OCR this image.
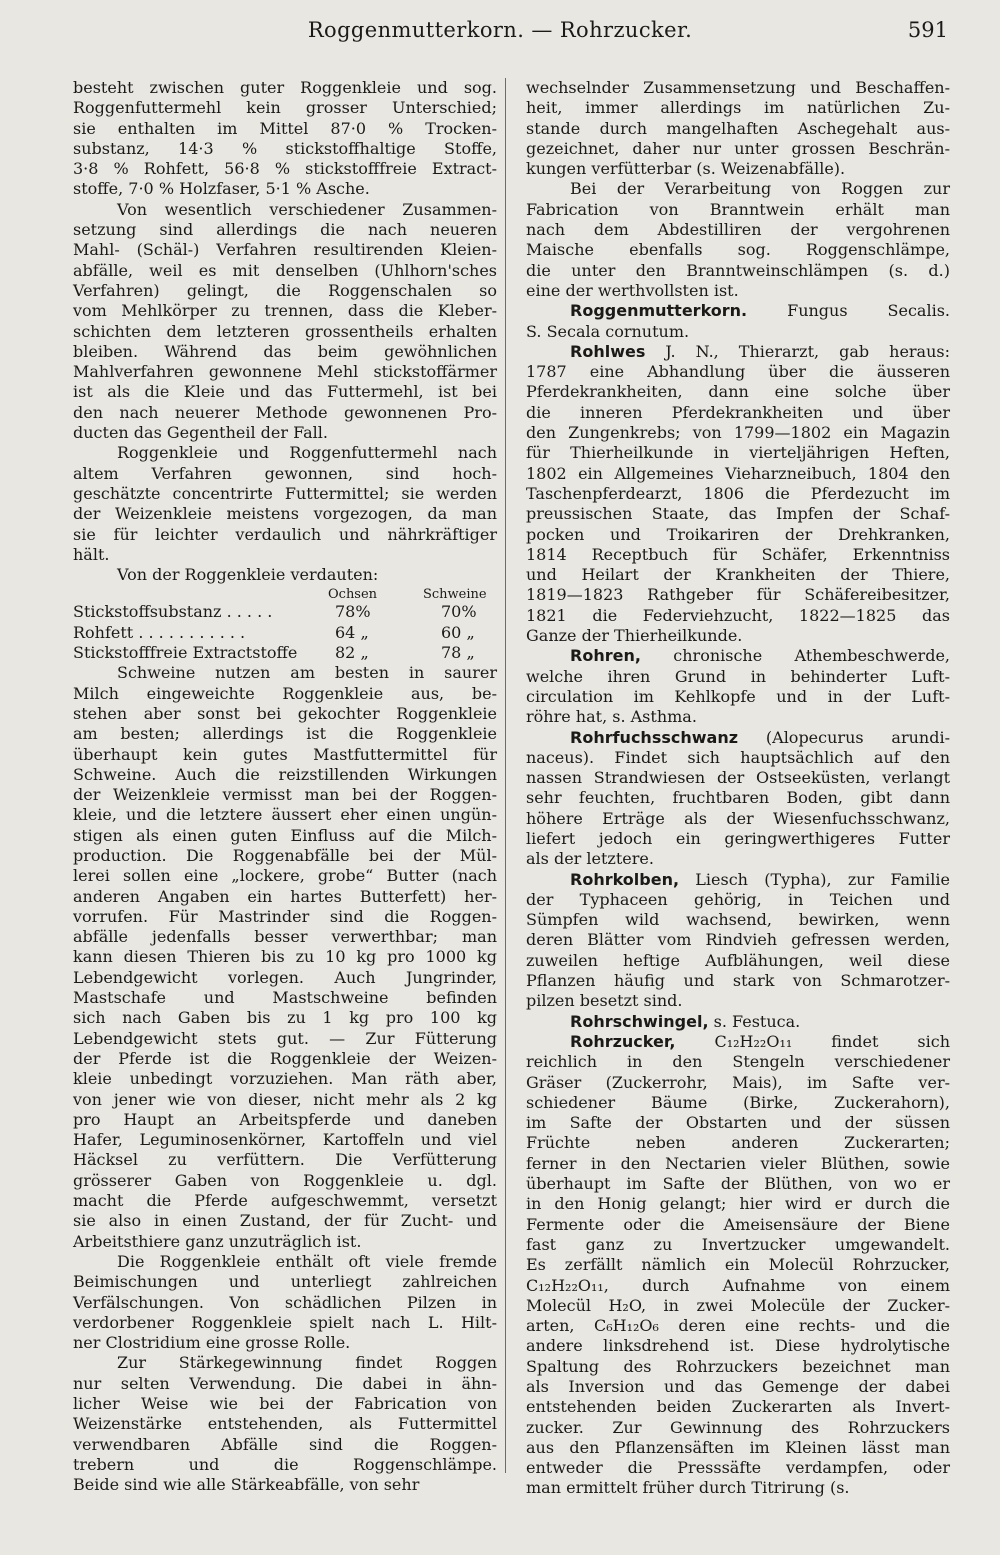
Roggenmutterkorn. — Rohrzucker.	591
besteht zwischen guter Roggenkleie und sog.
Roggenfuttermehl kein grosser Unterschied;
sie enthalten im Mittel 87·0 % Trocken-
substanz, 14·3 % stickstoffhaltige Stoffe,
3·8 % Rohfett, 56·8 % stickstofffreie Extract-
stoffe, 7·0 % Holzfaser, 5·1 % Asche.
Von wesentlich verschiedener Zusammen-
setzung sind allerdings die nach neueren
Mahl- (Schäl-) Verfahren resultirenden Kleien-
abfälle, weil es mit denselben (Uhlhorn'sches
Verfahren) gelingt, die Roggenschalen so
vom Mehlkörper zu trennen, dass die Kleber-
schichten dem letzteren grossentheils erhalten
bleiben. Während das beim gewöhnlichen
Mahlverfahren gewonnene Mehl stickstoffärmer
ist als die Kleie und das Futtermehl, ist bei
den nach neuerer Methode gewonnenen Pro-
ducten das Gegentheil der Fall.
Roggenkleie und Roggenfuttermehl nach
altem Verfahren gewonnen, sind hoch-
geschätzte concentrirte Futtermittel; sie werden
der Weizenkleie meistens vorgezogen, da man
sie für leichter verdaulich und nährkräftiger
hält.
Von der Roggenkleie verdauten:
Ochsen	Schweine
Stickstoffsubstanz . . . . .	78%	70%
Rohfett . . . . . . . . . . .	64 „	60 „
Stickstofffreie Extractstoffe 82 „	78 „
Schweine nutzen am besten in saurer
Milch eingeweichte Roggenkleie aus, be-
stehen aber sonst bei gekochter Roggenkleie
am besten; allerdings ist die Roggenkleie
überhaupt kein gutes Mastfuttermittel für
Schweine. Auch die reizstillenden Wirkungen
der Weizenkleie vermisst man bei der Roggen-
kleie, und die letztere äussert eher einen ungün-
stigen als einen guten Einfluss auf die Milch-
production. Die Roggenabfälle bei der Mül-
lerei sollen eine „lockere, grobe“ Butter (nach
anderen Angaben ein hartes Butterfett) her-
vorrufen. Für Mastrinder sind die Roggen-
abfälle jedenfalls besser verwerthbar; man
kann diesen Thieren bis zu 10 kg pro 1000 kg
Lebendgewicht vorlegen. Auch Jungrinder,
Mastschafe und Mastschweine befinden
sich nach Gaben bis zu 1 kg pro 100 kg
Lebendgewicht stets gut. — Zur Fütterung
der Pferde ist die Roggenkleie der Weizen-
kleie unbedingt vorzuziehen. Man räth aber,
von jener wie von dieser, nicht mehr als 2 kg
pro Haupt an Arbeitspferde und daneben
Hafer, Leguminosenkörner, Kartoffeln und viel
Häcksel zu verfüttern. Die Verfütterung
grösserer Gaben von Roggenkleie u. dgl.
macht die Pferde aufgeschwemmt, versetzt
sie also in einen Zustand, der für Zucht- und
Arbeitsthiere ganz unzuträglich ist.
Die Roggenkleie enthält oft viele fremde
Beimischungen und unterliegt zahlreichen
Verfälschungen. Von schädlichen Pilzen in
verdorbener Roggenkleie spielt nach L. Hilt-
ner Clostridium eine grosse Rolle.
Zur Stärkegewinnung findet Roggen
nur selten Verwendung. Die dabei in ähn-
licher Weise wie bei der Fabrication von
Weizenstärke entstehenden, als Futtermittel
verwendbaren Abfälle sind die Roggen-
trebern und die Roggenschlämpe.
Beide sind wie alle Stärkeabfälle, von sehr
wechselnder Zusammensetzung und Beschaffen-
heit, immer allerdings im natürlichen Zu-
stande durch mangelhaften Aschegehalt aus-
gezeichnet, daher nur unter grossen Beschrän-
kungen verfütterbar (s. Weizenabfälle).
Bei der Verarbeitung von Roggen zur
Fabrication von Branntwein erhält man
nach dem Abdestilliren der vergohrenen
Maische ebenfalls sog. Roggenschlämpe,
die unter den Branntweinschlämpen (s. d.)
eine der werthvollsten ist.
Roggenmutterkorn. Fungus Secalis.
S. Secala cornutum.
Rohlwes J. N., Thierarzt, gab heraus:
1787 eine Abhandlung über die äusseren
Pferdekrankheiten, dann eine solche über
die inneren Pferdekrankheiten und über
den Zungenkrebs; von 1799—1802 ein Magazin
für Thierheilkunde in vierteljährigen Heften,
1802 ein Allgemeines Vieharzneibuch, 1804 den
Taschenpferdearzt, 1806 die Pferdezucht im
preussischen Staate, das Impfen der Schaf-
pocken und Troikariren der Drehkranken,
1814 Receptbuch für Schäfer, Erkenntniss
und Heilart der Krankheiten der Thiere,
1819—1823 Rathgeber für Schäfereibesitzer,
1821 die Federviehzucht, 1822—1825 das
Ganze der Thierheilkunde.
Rohren, chronische Athembeschwerde,
welche ihren Grund in behinderter Luft-
circulation im Kehlkopfe und in der Luft-
röhre hat, s. Asthma.
Rohrfuchsschwanz (Alopecurus arundi-
naceus). Findet sich hauptsächlich auf den
nassen Strandwiesen der Ostseeküsten, verlangt
sehr feuchten, fruchtbaren Boden, gibt dann
höhere Erträge als der Wiesenfuchsschwanz,
liefert jedoch ein geringwerthigeres Futter
als der letztere.
Rohrkolben, Liesch (Typha), zur Familie
der Typhaceen gehörig, in Teichen und
Sümpfen wild wachsend, bewirken, wenn
deren Blätter vom Rindvieh gefressen werden,
zuweilen heftige Aufblähungen, weil diese
Pflanzen häufig und stark von Schmarotzer-
pilzen besetzt sind.
Rohrschwingel, s. Festuca.
Rohrzucker, C₁₂H₂₂O₁₁ findet sich
reichlich in den Stengeln verschiedener
Gräser (Zuckerrohr, Mais), im Safte ver-
schiedener Bäume (Birke, Zuckerahorn),
im Safte der Obstarten und der süssen
Früchte neben anderen Zuckerarten;
ferner in den Nectarien vieler Blüthen, sowie
überhaupt im Safte der Blüthen, von wo er
in den Honig gelangt; hier wird er durch die
Fermente oder die Ameisensäure der Biene
fast ganz zu Invertzucker umgewandelt.
Es zerfällt nämlich ein Molecül Rohrzucker,
C₁₂H₂₂O₁₁, durch Aufnahme von einem
Molecül H₂O, in zwei Molecüle der Zucker-
arten, C₆H₁₂O₆ deren eine rechts- und die
andere linksdrehend ist. Diese hydrolytische
Spaltung des Rohrzuckers bezeichnet man
als Inversion und das Gemenge der dabei
entstehenden beiden Zuckerarten als Invert-
zucker. Zur Gewinnung des Rohrzuckers
aus den Pflanzensäften im Kleinen lässt man
entweder die Presssäfte verdampfen, oder
man ermittelt früher durch Titrirung (s.
